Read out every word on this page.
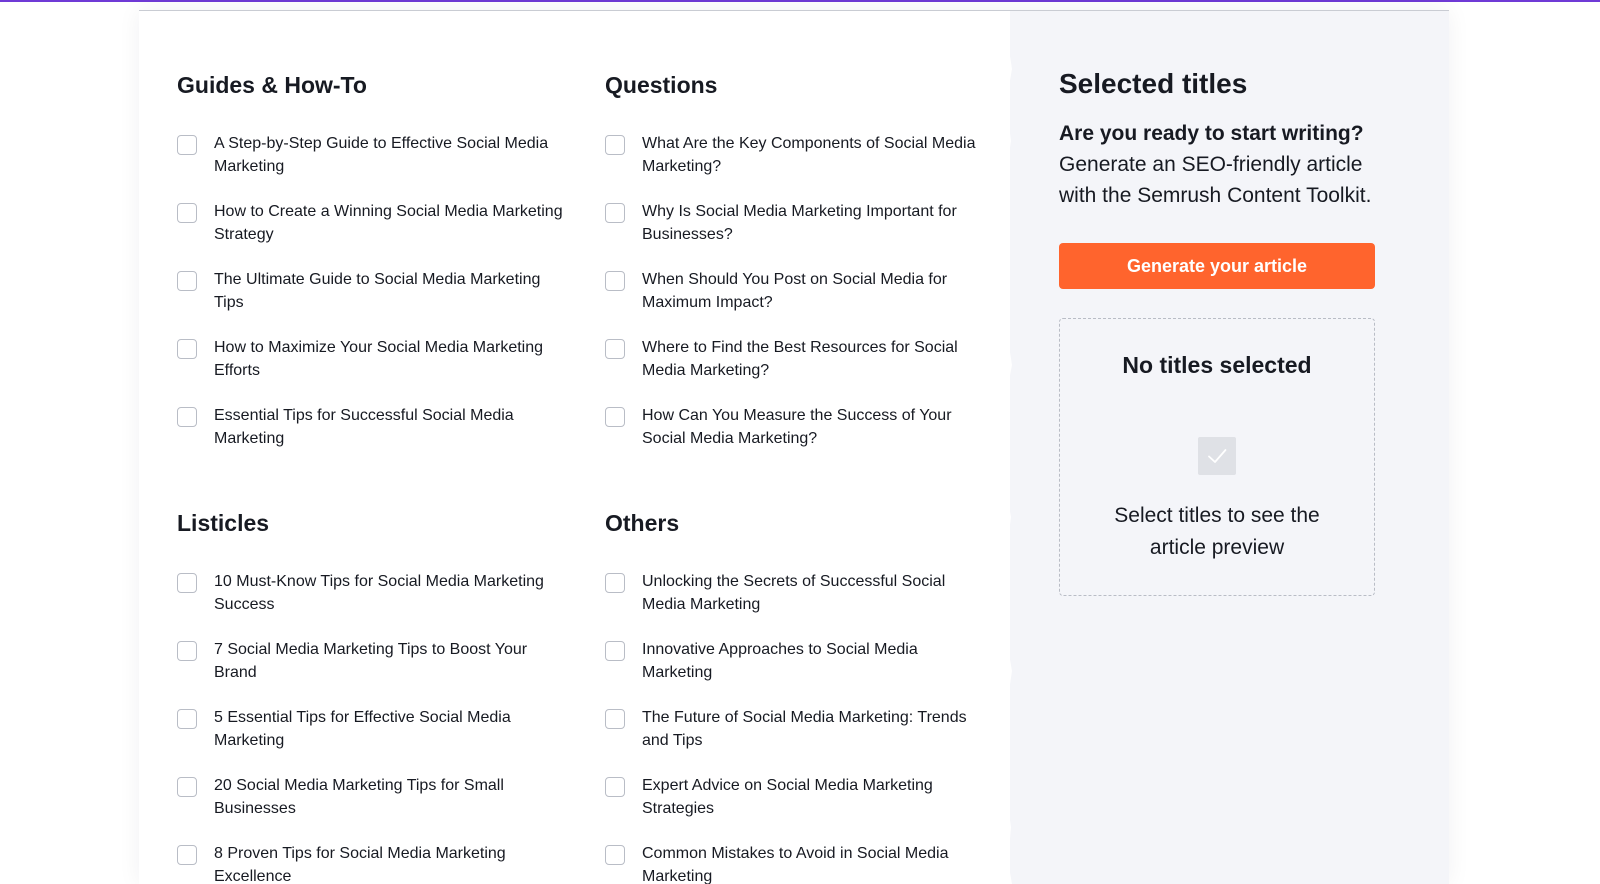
Guides & How-To
A Step-by-Step Guide to Effective Social Media Marketing
How to Create a Winning Social Media Marketing Strategy
The Ultimate Guide to Social Media Marketing Tips
How to Maximize Your Social Media Marketing Efforts
Essential Tips for Successful Social Media Marketing
Questions
What Are the Key Components of Social Media Marketing?
Why Is Social Media Marketing Important for Businesses?
When Should You Post on Social Media for Maximum Impact?
Where to Find the Best Resources for Social Media Marketing?
How Can You Measure the Success of Your Social Media Marketing?
Listicles
10 Must-Know Tips for Social Media Marketing Success
7 Social Media Marketing Tips to Boost Your Brand
5 Essential Tips for Effective Social Media Marketing
20 Social Media Marketing Tips for Small Businesses
8 Proven Tips for Social Media Marketing Excellence
Others
Unlocking the Secrets of Successful Social Media Marketing
Innovative Approaches to Social Media Marketing
The Future of Social Media Marketing: Trends and Tips
Expert Advice on Social Media Marketing Strategies
Common Mistakes to Avoid in Social Media Marketing
Selected titles

Are you ready to start writing? Generate an SEO-friendly article with the Semrush Content Toolkit.

Generate your article

No titles selected

Select titles to see the article preview
